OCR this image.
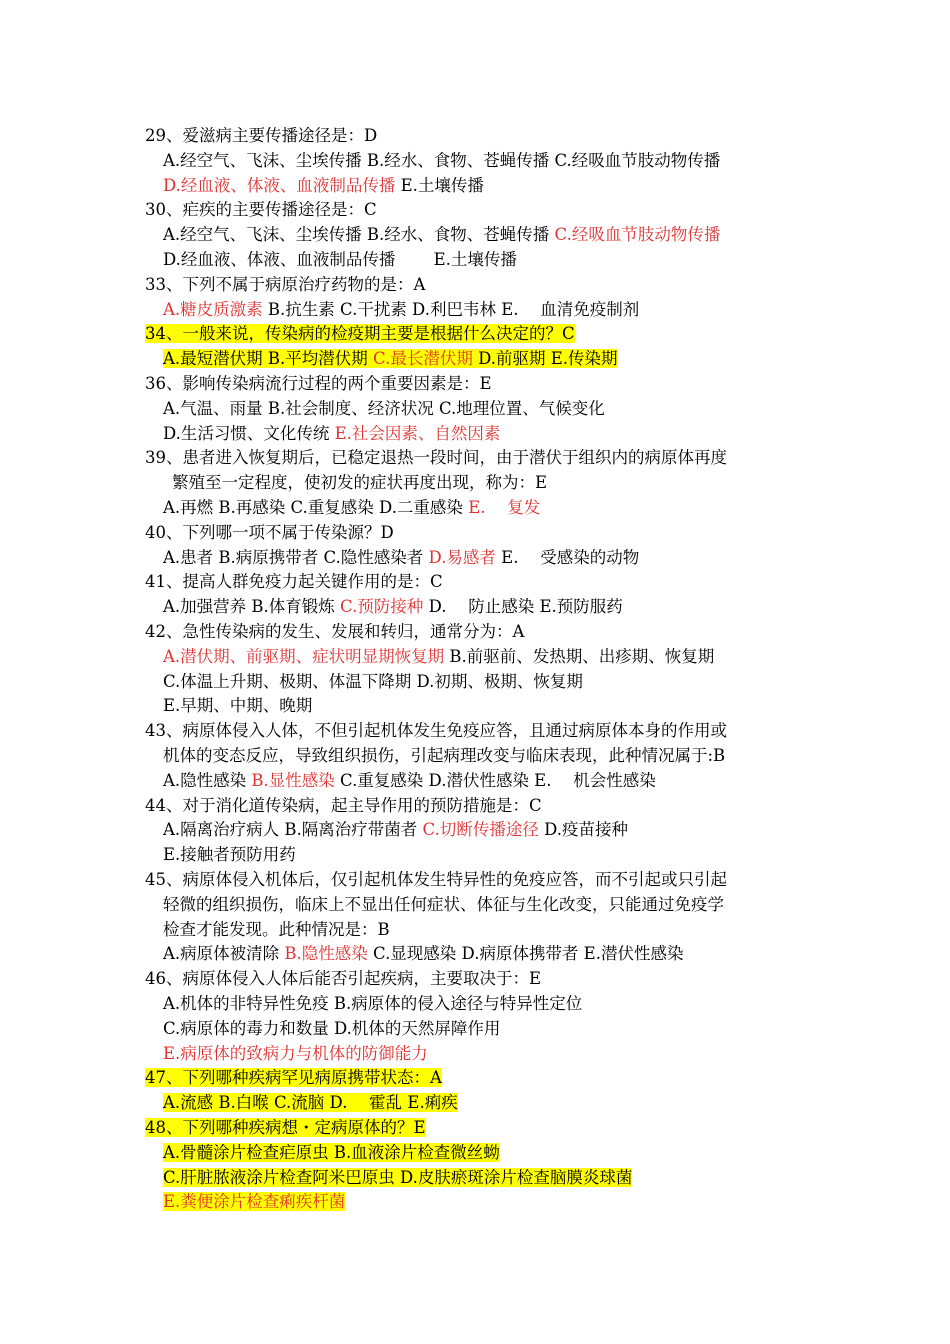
29、爱滋病主要传播途径是：D
A.经空气、飞沫、尘埃传播 B.经水、食物、苍蝇传播 C.经吸血节肢动物传播
D.经血液、体液、血液制品传播 E.土壤传播
30、疟疾的主要传播途径是：C
A.经空气、飞沫、尘埃传播 B.经水、食物、苍蝇传播 C.经吸血节肢动物传播
D.经血液、体液、血液制品传播　　 E.土壤传播
33、下列不属于病原治疗药物的是：A
A.糖皮质激素 B.抗生素 C.干扰素 D.利巴韦林 E.　 血清免疫制剂
34、一般来说，传染病的检疫期主要是根据什么决定的？C
A.最短潜伏期 B.平均潜伏期 C.最长潜伏期 D.前驱期 E.传染期
36、影响传染病流行过程的两个重要因素是：E
A.气温、雨量 B.社会制度、经济状况 C.地理位置、气候变化
D.生活习惯、文化传统 E.社会因素、自然因素
39、患者进入恢复期后，已稳定退热一段时间，由于潜伏于组织内的病原体再度
繁殖至一定程度，使初发的症状再度出现，称为：E
A.再燃 B.再感染 C.重复感染 D.二重感染 E.　 复发
40、下列哪一项不属于传染源？D
A.患者 B.病原携带者 C.隐性感染者 D.易感者 E.　 受感染的动物
41、提高人群免疫力起关键作用的是：C
A.加强营养 B.体育锻炼 C.预防接种 D.　 防止感染 E.预防服药
42、急性传染病的发生、发展和转归，通常分为：A
A.潜伏期、前驱期、症状明显期恢复期 B.前驱前、发热期、出疹期、恢复期
C.体温上升期、极期、体温下降期 D.初期、极期、恢复期
E.早期、中期、晚期
43、病原体侵入人体，不但引起机体发生免疫应答，且通过病原体本身的作用或
机体的变态反应，导致组织损伤，引起病理改变与临床表现，此种情况属于:B
A.隐性感染 B.显性感染 C.重复感染 D.潜伏性感染 E.　 机会性感染
44、对于消化道传染病，起主导作用的预防措施是：C
A.隔离治疗病人 B.隔离治疗带菌者 C.切断传播途径 D.疫苗接种
E.接触者预防用药
45、病原体侵入机体后，仅引起机体发生特异性的免疫应答，而不引起或只引起
轻微的组织损伤，临床上不显出任何症状、体征与生化改变，只能通过免疫学
检查才能发现。此种情况是：B
A.病原体被清除 B.隐性感染 C.显现感染 D.病原体携带者 E.潜伏性感染
46、病原体侵入人体后能否引起疾病，主要取决于：E
A.机体的非特异性免疫 B.病原体的侵入途径与特异性定位
C.病原体的毒力和数量 D.机体的天然屏障作用
E.病原体的致病力与机体的防御能力
47、下列哪种疾病罕见病原携带状态：A
A.流感 B.白喉 C.流脑 D.　 霍乱 E.痢疾
48、下列哪种疾病想・定病原体的？E
A.骨髓涂片检查疟原虫 B.血液涂片检查微丝蚴
C.肝脏脓液涂片检查阿米巴原虫 D.皮肤瘀斑涂片检查脑膜炎球菌
E.粪便涂片检查痢疾杆菌
